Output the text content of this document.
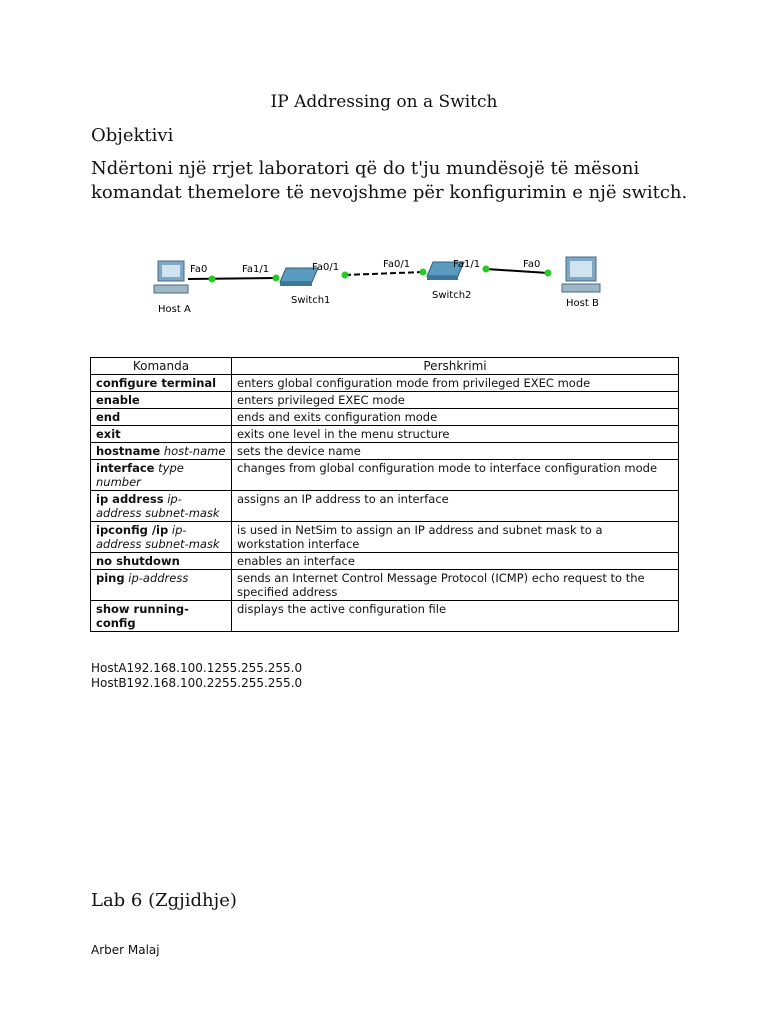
IP Addressing on a Switch
Objektivi
Ndërtoni një rrjet laboratori që do t'ju mundësojë të mësoni komandat themelore të nevojshme për konfigurimin e një switch.
Fa0	Fa1/1	Fa0/1	Fa0/1	Fa1/1	Fa0
Host A
Switch1	Switch2
Host B
Komanda	Pershkrimi
configure terminal	enters global configuration mode from privileged EXEC mode
enable	enters privileged EXEC mode
end	ends and exits configuration mode
exit	exits one level in the menu structure
hostname host-name	sets the device name
interface type number	changes from global configuration mode to interface configuration mode
ip address ip-address subnet-mask	assigns an IP address to an interface
ipconfig /ip ip-address subnet-mask	is used in NetSim to assign an IP address and subnet mask to a workstation interface
no shutdown	enables an interface
ping ip-address	sends an Internet Control Message Protocol (ICMP) echo request to the specified address
show running-config	displays the active configuration file
HostA192.168.100.1255.255.255.0
HostB192.168.100.2255.255.255.0
Lab 6 (Zgjidhje)
Arber Malaj
